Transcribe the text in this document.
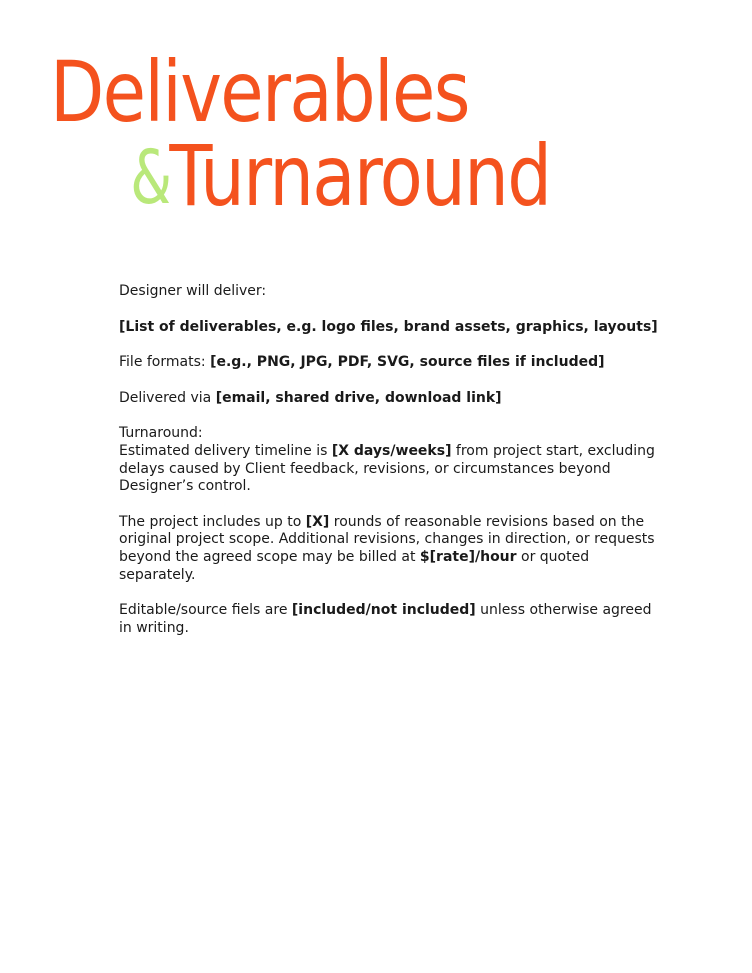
Deliverables
&Turnaround

Designer will deliver:

[List of deliverables, e.g. logo files, brand assets, graphics, layouts]

File formats: [e.g., PNG, JPG, PDF, SVG, source files if included]

Delivered via [email, shared drive, download link]

Turnaround:
Estimated delivery timeline is [X days/weeks] from project start, excluding delays caused by Client feedback, revisions, or circumstances beyond Designer’s control.

The project includes up to [X] rounds of reasonable revisions based on the original project scope. Additional revisions, changes in direction, or requests beyond the agreed scope may be billed at $[rate]/hour or quoted separately.

Editable/source fiels are [included/not included] unless otherwise agreed in writing.
